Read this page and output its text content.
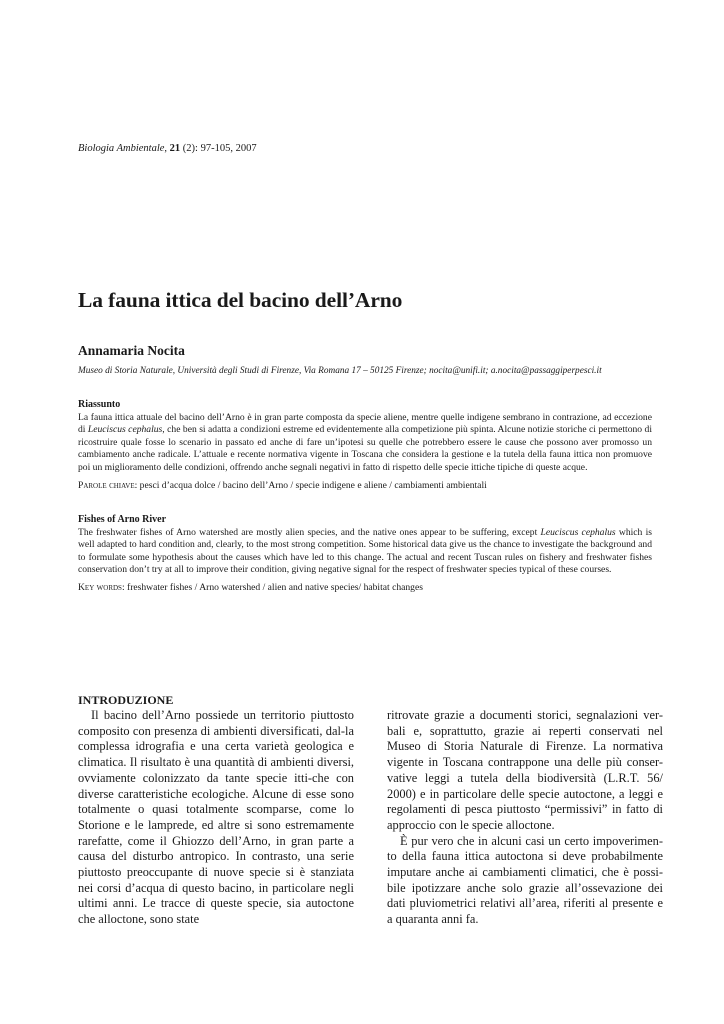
Biologia Ambientale, 21 (2): 97-105, 2007
La fauna ittica del bacino dell’Arno
Annamaria Nocita
Museo di Storia Naturale, Università degli Studi di Firenze, Via Romana 17 – 50125 Firenze; nocita@unifi.it; a.nocita@passaggiperpesci.it
Riassunto
La fauna ittica attuale del bacino dell’Arno è in gran parte composta da specie aliene, mentre quelle indigene sembrano in contrazione, ad eccezione di Leuciscus cephalus, che ben si adatta a condizioni estreme ed evidentemente alla competizione più spinta. Alcune notizie storiche ci permettono di ricostruire quale fosse lo scenario in passato ed anche di fare un’ipotesi su quelle che potrebbero essere le cause che possono aver promosso un cambiamento anche radicale. L’attuale e recente normativa vigente in Toscana che considera la gestione e la tutela della fauna ittica non promuove poi un miglioramento delle condizioni, offrendo anche segnali negativi in fatto di rispetto delle specie ittiche tipiche di queste acque.
Parole chiave: pesci d’acqua dolce / bacino dell’Arno / specie indigene e aliene / cambiamenti ambientali
Fishes of Arno River
The freshwater fishes of Arno watershed are mostly alien species, and the native ones appear to be suffering, except Leuciscus cephalus which is well adapted to hard condition and, clearly, to the most strong competition. Some historical data give us the chance to investigate the background and to formulate some hypothesis about the causes which have led to this change. The actual and recent Tuscan rules on fishery and freshwater fishes conservation don’t try at all to improve their condition, giving negative signal for the respect of freshwater species typical of these courses.
Key words: freshwater fishes / Arno watershed / alien and native species/ habitat changes
INTRODUZIONE
Il bacino dell’Arno possiede un territorio piuttosto composito con presenza di ambienti diversificati, dal-la complessa idrografia e una certa varietà geologica e climatica. Il risultato è una quantità di ambienti diversi, ovviamente colonizzato da tante specie itti-che con diverse caratteristiche ecologiche. Alcune di esse sono totalmente o quasi totalmente scomparse, come lo Storione e le lamprede, ed altre si sono estremamente rarefatte, come il Ghiozzo dell’Arno, in gran parte a causa del disturbo antropico. In contrasto, una serie piuttosto preoccupante di nuove specie si è stanziata nei corsi d’acqua di questo bacino, in particolare negli ultimi anni. Le tracce di queste specie, sia autoctone che alloctone, sono state
ritrovate grazie a documenti storici, segnalazioni ver-bali e, soprattutto, grazie ai reperti conservati nel Museo di Storia Naturale di Firenze. La normativa vigente in Toscana contrappone una delle più conser-vative leggi a tutela della biodiversità (L.R.T. 56/ 2000) e in particolare delle specie autoctone, a leggi e regolamenti di pesca piuttosto “permissivi” in fatto di approccio con le specie alloctone.
È pur vero che in alcuni casi un certo impoverimen-to della fauna ittica autoctona si deve probabilmente imputare anche ai cambiamenti climatici, che è possi-bile ipotizzare anche solo grazie all’ossevazione dei dati pluviometrici relativi all’area, riferiti al presente e a quaranta anni fa.
